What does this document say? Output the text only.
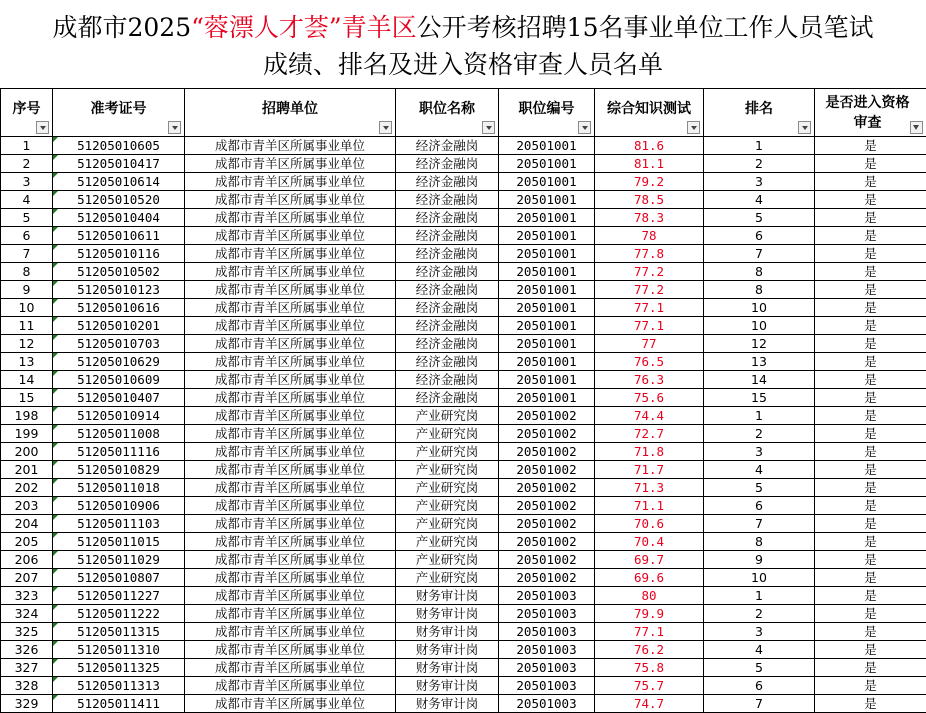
成都市2025“蓉漂人才荟”青羊区公开考核招聘15名事业单位工作人员笔试
成绩、排名及进入资格审查人员名单
序号	准考证号	招聘单位	职位名称	职位编号	综合知识测试	排名	是否进入资格审查

1	51205010605	成都市青羊区所属事业单位	经济金融岗	20501001	81.6	1	是
2	51205010417	成都市青羊区所属事业单位	经济金融岗	20501001	81.1	2	是
3	51205010614	成都市青羊区所属事业单位	经济金融岗	20501001	79.2	3	是
4	51205010520	成都市青羊区所属事业单位	经济金融岗	20501001	78.5	4	是
5	51205010404	成都市青羊区所属事业单位	经济金融岗	20501001	78.3	5	是
6	51205010611	成都市青羊区所属事业单位	经济金融岗	20501001	78	6	是
7	51205010116	成都市青羊区所属事业单位	经济金融岗	20501001	77.8	7	是
8	51205010502	成都市青羊区所属事业单位	经济金融岗	20501001	77.2	8	是
9	51205010123	成都市青羊区所属事业单位	经济金融岗	20501001	77.2	8	是
10	51205010616	成都市青羊区所属事业单位	经济金融岗	20501001	77.1	10	是
11	51205010201	成都市青羊区所属事业单位	经济金融岗	20501001	77.1	10	是
12	51205010703	成都市青羊区所属事业单位	经济金融岗	20501001	77	12	是
13	51205010629	成都市青羊区所属事业单位	经济金融岗	20501001	76.5	13	是
14	51205010609	成都市青羊区所属事业单位	经济金融岗	20501001	76.3	14	是
15	51205010407	成都市青羊区所属事业单位	经济金融岗	20501001	75.6	15	是
198	51205010914	成都市青羊区所属事业单位	产业研究岗	20501002	74.4	1	是
199	51205011008	成都市青羊区所属事业单位	产业研究岗	20501002	72.7	2	是
200	51205011116	成都市青羊区所属事业单位	产业研究岗	20501002	71.8	3	是
201	51205010829	成都市青羊区所属事业单位	产业研究岗	20501002	71.7	4	是
202	51205011018	成都市青羊区所属事业单位	产业研究岗	20501002	71.3	5	是
203	51205010906	成都市青羊区所属事业单位	产业研究岗	20501002	71.1	6	是
204	51205011103	成都市青羊区所属事业单位	产业研究岗	20501002	70.6	7	是
205	51205011015	成都市青羊区所属事业单位	产业研究岗	20501002	70.4	8	是
206	51205011029	成都市青羊区所属事业单位	产业研究岗	20501002	69.7	9	是
207	51205010807	成都市青羊区所属事业单位	产业研究岗	20501002	69.6	10	是
323	51205011227	成都市青羊区所属事业单位	财务审计岗	20501003	80	1	是
324	51205011222	成都市青羊区所属事业单位	财务审计岗	20501003	79.9	2	是
325	51205011315	成都市青羊区所属事业单位	财务审计岗	20501003	77.1	3	是
326	51205011310	成都市青羊区所属事业单位	财务审计岗	20501003	76.2	4	是
327	51205011325	成都市青羊区所属事业单位	财务审计岗	20501003	75.8	5	是
328	51205011313	成都市青羊区所属事业单位	财务审计岗	20501003	75.7	6	是
329	51205011411	成都市青羊区所属事业单位	财务审计岗	20501003	74.7	7	是
